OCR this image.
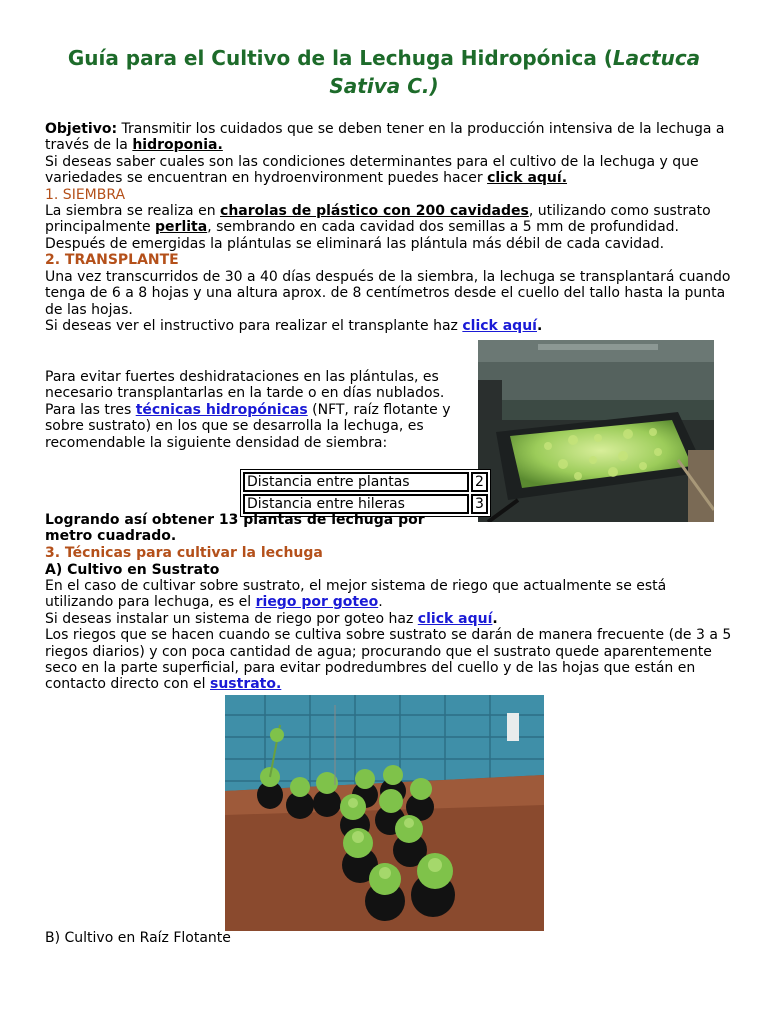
Guía para el Cultivo de la Lechuga Hidropónica (Lactuca Sativa C.)
Objetivo: Transmitir los cuidados que se deben tener en la producción intensiva de la lechuga a través de la hidroponia.
Si deseas saber cuales son las condiciones determinantes para el cultivo de la lechuga y que variedades se encuentran en hydroenvironment puedes hacer click aquí.
1. SIEMBRA
La siembra se realiza en charolas de plástico con 200 cavidades, utilizando como sustrato principalmente perlita, sembrando en cada cavidad dos semillas a 5 mm de profundidad.
Después de emergidas la plántulas se eliminará las plántula más débil de cada cavidad.
2. TRANSPLANTE
Una vez transcurridos de 30 a 40 días después de la siembra, la lechuga se transplantará cuando tenga de 6 a 8 hojas y una altura aprox. de 8 centímetros desde el cuello del tallo hasta la punta de las hojas.
Si deseas ver el instructivo para realizar el transplante haz click aquí.
Para evitar fuertes deshidrataciones en las plántulas, es necesario transplantarlas en la tarde o en días nublados. Para las tres técnicas hidropónicas (NFT, raíz flotante y sobre sustrato) en los que se desarrolla la lechuga, es recomendable la siguiente densidad de siembra:
Distancia entre plantas	2
Distancia entre hileras	3
Lograndо así obtener 13 plantas de lechuga por metro cuadrado.
3. Técnicas para cultivar la lechuga
A) Cultivo en Sustrato
En el caso de cultivar sobre sustrato, el mejor sistema de riego que actualmente se está utilizando para lechuga, es el riego por goteo.
Si deseas instalar un sistema de riego por goteo haz click aquí.
Los riegos que se hacen cuando se cultiva sobre sustrato se darán de manera frecuente (de 3 a 5 riegos diarios) y con poca cantidad de agua; procurando que el sustrato quede aparentemente seco en la parte superficial, para evitar podredumbres del cuello y de las hojas que están en contacto directo con el sustrato.
B) Cultivo en Raíz Flotante
